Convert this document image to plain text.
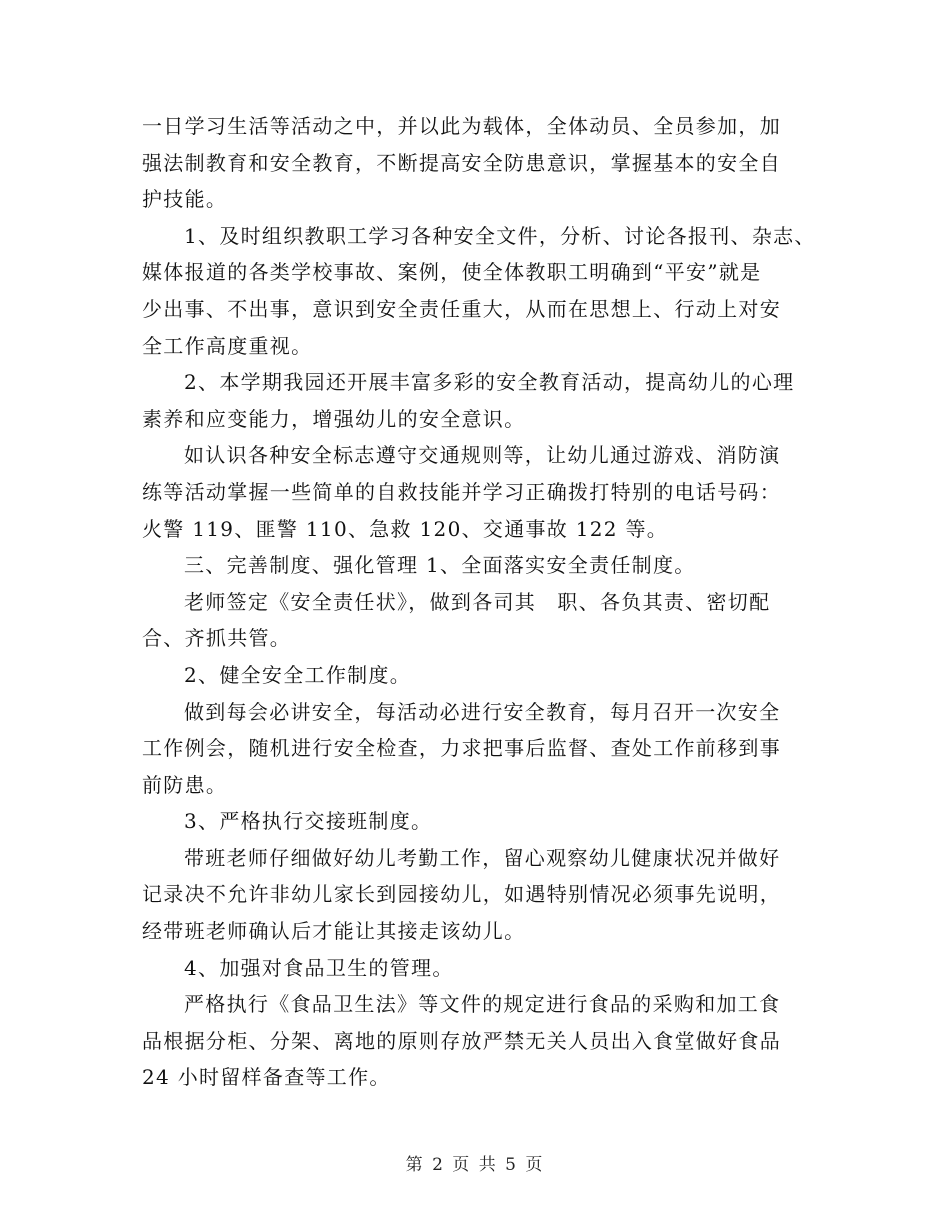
一日学习生活等活动之中，并以此为载体，全体动员、全员参加，加
强法制教育和安全教育，不断提高安全防患意识，掌握基本的安全自
护技能。
1、及时组织教职工学习各种安全文件，分析、讨论各报刊、杂志、
媒体报道的各类学校事故、案例，使全体教职工明确到“平安”就是
少出事、不出事，意识到安全责任重大，从而在思想上、行动上对安
全工作高度重视。
2、本学期我园还开展丰富多彩的安全教育活动，提高幼儿的心理
素养和应变能力，增强幼儿的安全意识。
如认识各种安全标志遵守交通规则等，让幼儿通过游戏、消防演
练等活动掌握一些简单的自救技能并学习正确拨打特别的电话号码：
火警 119、匪警 110、急救 120、交通事故 122 等。
三、完善制度、强化管理 1、全面落实安全责任制度。
老师签定《安全责任状》，做到各司其　职、各负其责、密切配
合、齐抓共管。
2、健全安全工作制度。
做到每会必讲安全，每活动必进行安全教育，每月召开一次安全
工作例会，随机进行安全检查，力求把事后监督、查处工作前移到事
前防患。
3、严格执行交接班制度。
带班老师仔细做好幼儿考勤工作，留心观察幼儿健康状况并做好
记录决不允许非幼儿家长到园接幼儿，如遇特别情况必须事先说明，
经带班老师确认后才能让其接走该幼儿。
4、加强对食品卫生的管理。
严格执行《食品卫生法》等文件的规定进行食品的采购和加工食
品根据分柜、分架、离地的原则存放严禁无关人员出入食堂做好食品
24 小时留样备查等工作。
第 2 页 共 5 页
